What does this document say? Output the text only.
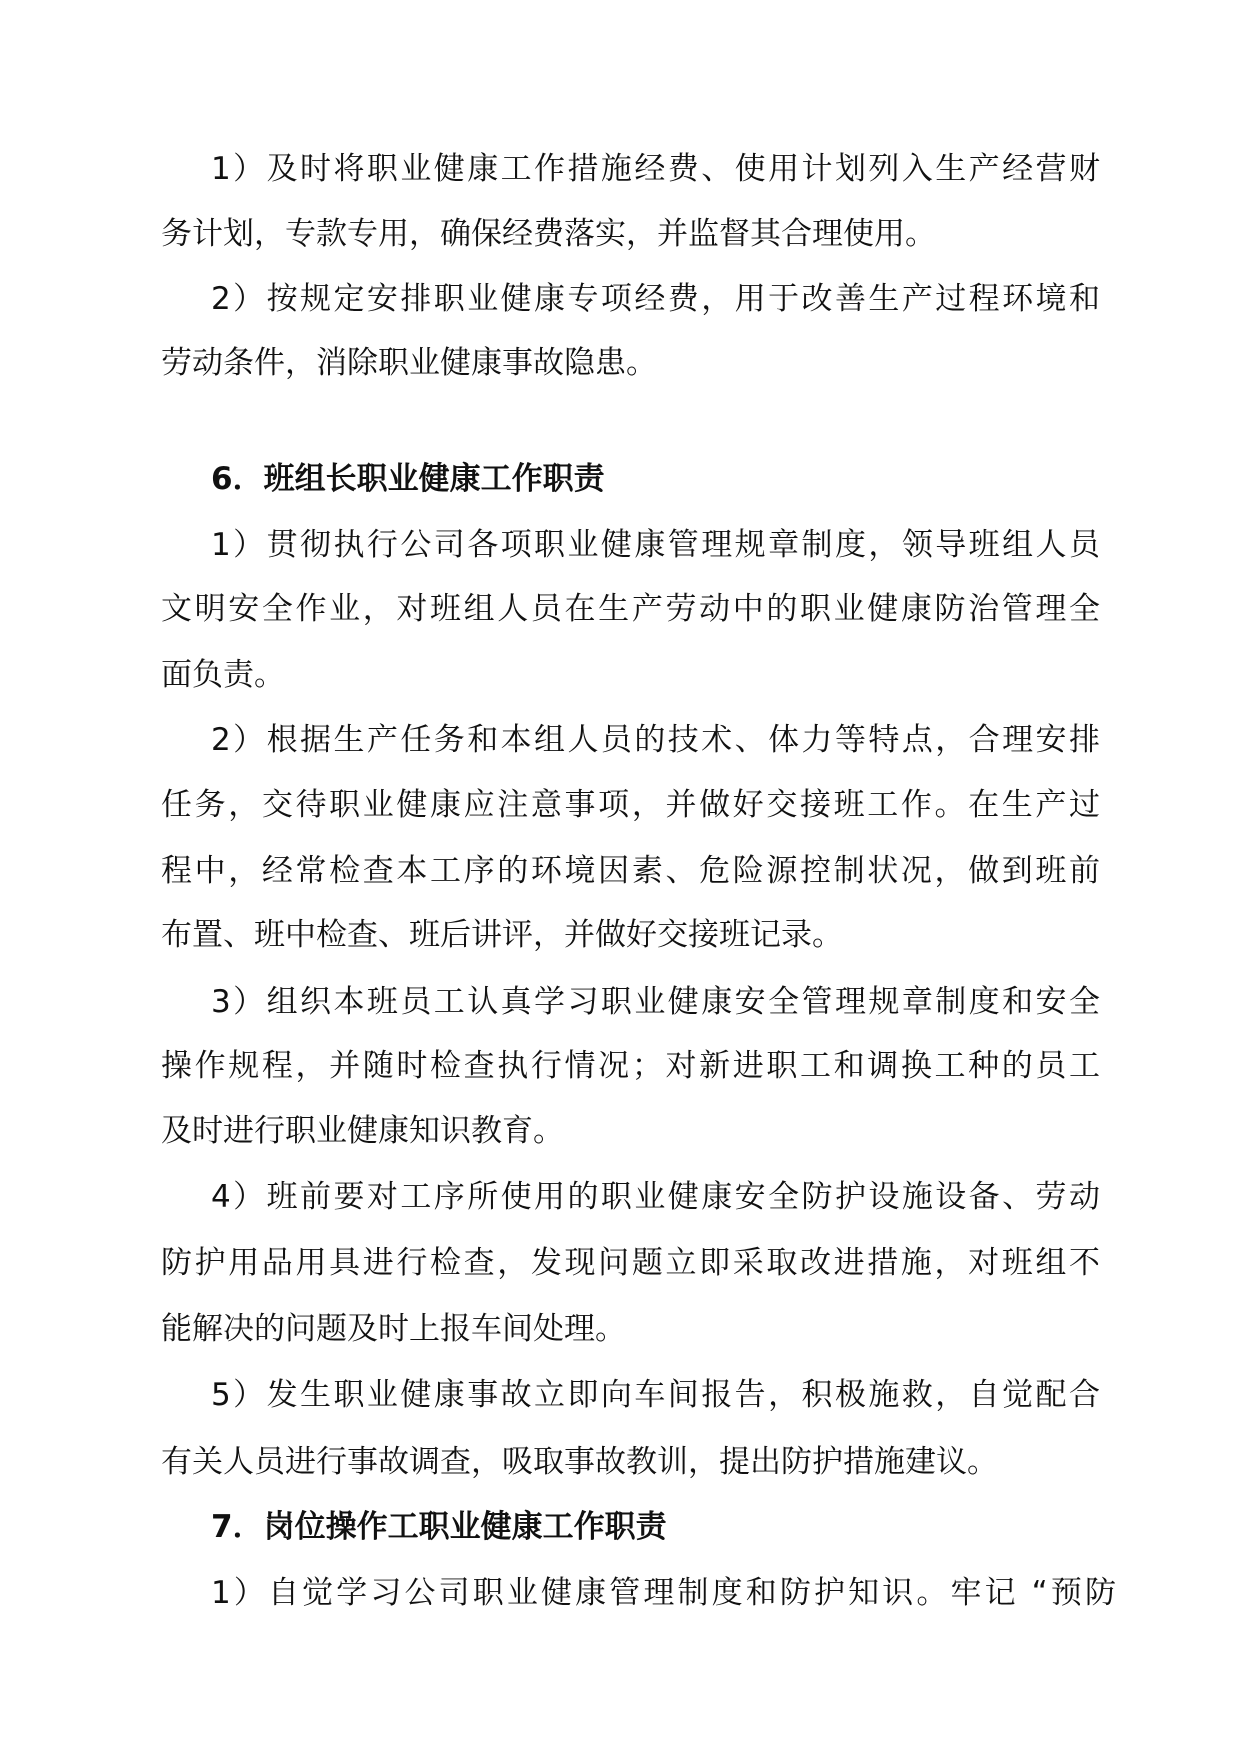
1）及时将职业健康工作措施经费、使用计划列入生产经营财
务计划，专款专用，确保经费落实，并监督其合理使用。
2）按规定安排职业健康专项经费，用于改善生产过程环境和
劳动条件，消除职业健康事故隐患。
6．班组长职业健康工作职责
1）贯彻执行公司各项职业健康管理规章制度，领导班组人员
文明安全作业，对班组人员在生产劳动中的职业健康防治管理全
面负责。
2）根据生产任务和本组人员的技术、体力等特点，合理安排
任务，交待职业健康应注意事项，并做好交接班工作。在生产过
程中，经常检查本工序的环境因素、危险源控制状况，做到班前
布置、班中检查、班后讲评，并做好交接班记录。
3）组织本班员工认真学习职业健康安全管理规章制度和安全
操作规程，并随时检查执行情况；对新进职工和调换工种的员工
及时进行职业健康知识教育。
4）班前要对工序所使用的职业健康安全防护设施设备、劳动
防护用品用具进行检查，发现问题立即采取改进措施，对班组不
能解决的问题及时上报车间处理。
5）发生职业健康事故立即向车间报告，积极施救，自觉配合
有关人员进行事故调查，吸取事故教训，提出防护措施建议。
7．岗位操作工职业健康工作职责
1）自觉学习公司职业健康管理制度和防护知识。牢记 “预防
